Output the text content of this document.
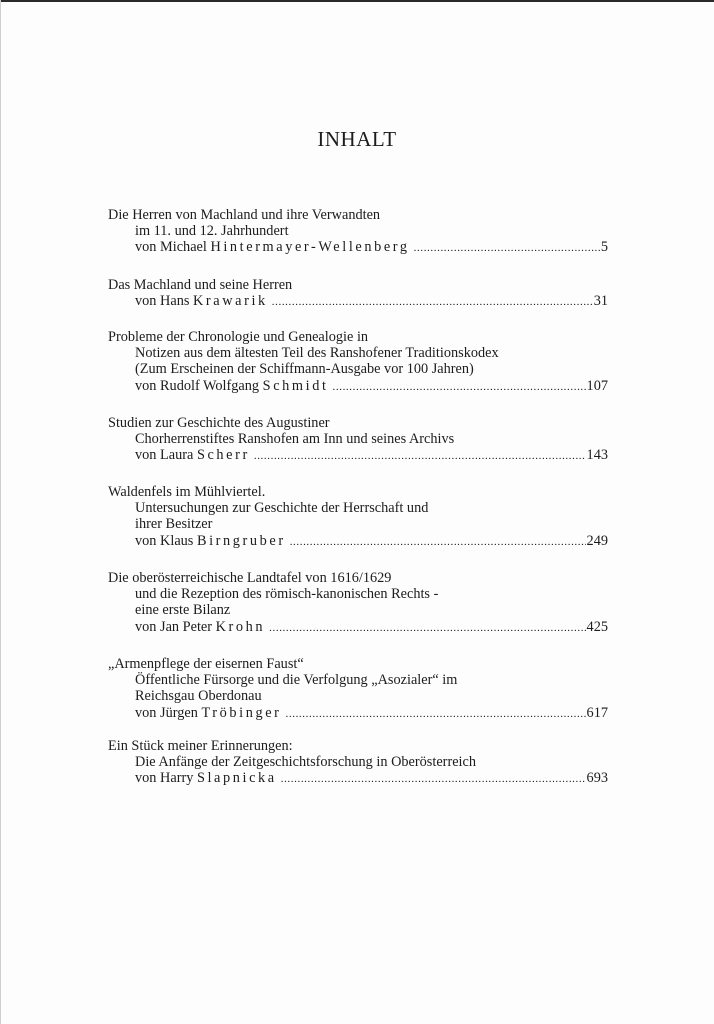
INHALT
Die Herren von Machland und ihre Verwandten
im 11. und 12. Jahrhundert
von Michael Hintermayer-Wellenberg .....	5
Das Machland und seine Herren
von Hans Krawarik .....	31
Probleme der Chronologie und Genealogie in
Notizen aus dem ältesten Teil des Ranshofener Traditionskodex
(Zum Erscheinen der Schiffmann-Ausgabe vor 100 Jahren)
von Rudolf Wolfgang Schmidt .....	107
Studien zur Geschichte des Augustiner
Chorherrenstiftes Ranshofen am Inn und seines Archivs
von Laura Scherr .....	143
Waldenfels im Mühlviertel.
Untersuchungen zur Geschichte der Herrschaft und
ihrer Besitzer
von Klaus Birngruber .....	249
Die oberösterreichische Landtafel von 1616/1629
und die Rezeption des römisch-kanonischen Rechts -
eine erste Bilanz
von Jan Peter Krohn .....	425
„Armenpflege der eisernen Faust“
Öffentliche Fürsorge und die Verfolgung „Asozialer“ im
Reichsgau Oberdonau
von Jürgen Tröbinger .....	617
Ein Stück meiner Erinnerungen:
Die Anfänge der Zeitgeschichtsforschung in Oberösterreich
von Harry Slapnicka .....	693
